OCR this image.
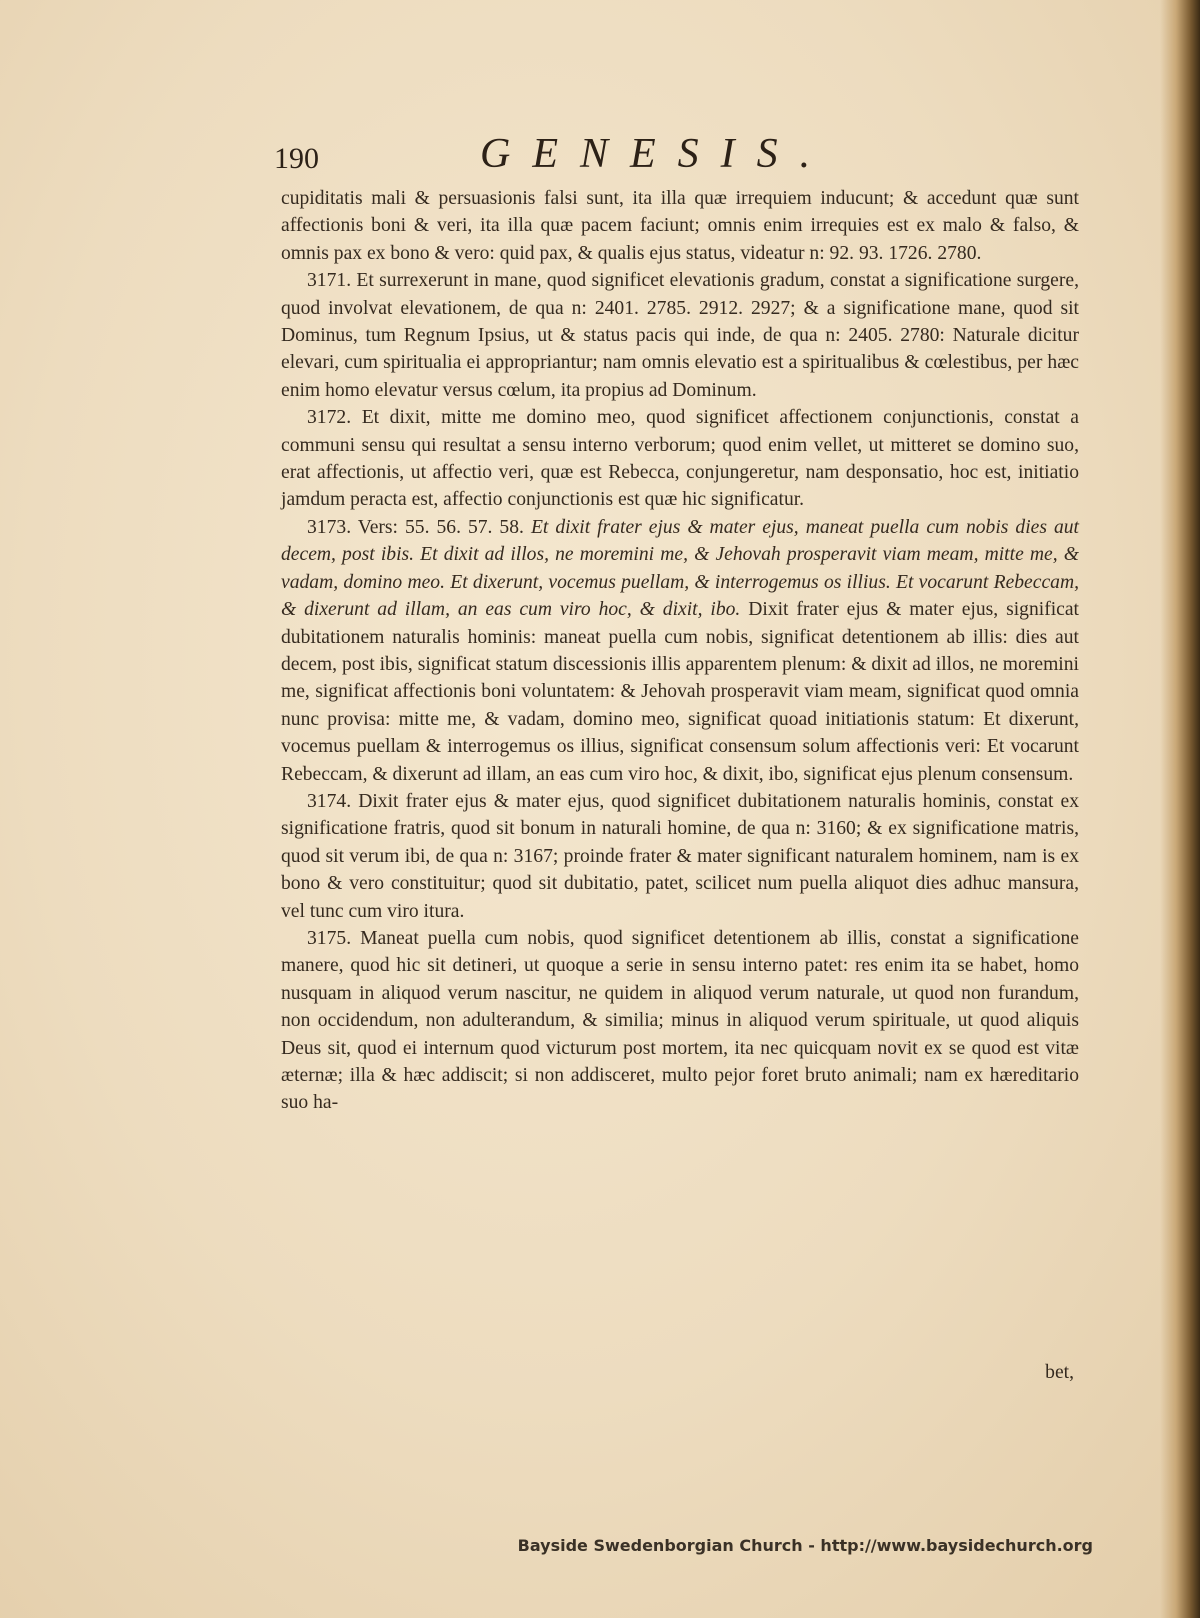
190	GENESIS.

cupiditatis mali & persuasionis falsi sunt, ita illa quæ irrequiem inducunt; & accedunt quæ sunt affectionis boni & veri, ita illa quæ pacem faciunt; omnis enim irrequies est ex malo & falso, & omnis pax ex bono & vero: quid pax, & qualis ejus status, videatur n: 92. 93. 1726. 2780.

3171. Et surrexerunt in mane, quod significet elevationis gradum, constat a significatione surgere, quod involvat elevationem, de qua n: 2401. 2785. 2912. 2927; & a significatione mane, quod sit Dominus, tum Regnum Ipsius, ut & status pacis qui inde, de qua n: 2405. 2780: Naturale dicitur elevari, cum spiritualia ei appropriantur; nam omnis elevatio est a spiritualibus & cœlestibus, per hæc enim homo elevatur versus cœlum, ita propius ad Dominum.

3172. Et dixit, mitte me domino meo, quod significet affectionem conjunctionis, constat a communi sensu qui resultat a sensu interno verborum; quod enim vellet, ut mitteret se domino suo, erat affectionis, ut affectio veri, quæ est Rebecca, conjungeretur, nam desponsatio, hoc est, initiatio jamdum peracta est, affectio conjunctionis est quæ hic significatur.

3173. Vers: 55. 56. 57. 58. Et dixit frater ejus & mater ejus, maneat puella cum nobis dies aut decem, post ibis. Et dixit ad illos, ne moremini me, & Jehovah prosperavit viam meam, mitte me, & vadam, domino meo. Et dixerunt, vocemus puellam, & interrogemus os illius. Et vocarunt Rebeccam, & dixerunt ad illam, an eas cum viro hoc, & dixit, ibo. Dixit frater ejus & mater ejus, significat dubitationem naturalis hominis: maneat puella cum nobis, significat detentionem ab illis: dies aut decem, post ibis, significat statum discessionis illis apparentem plenum: & dixit ad illos, ne moremini me, significat affectionis boni voluntatem: & Jehovah prosperavit viam meam, significat quod omnia nunc provisa: mitte me, & vadam, domino meo, significat quoad initiationis statum: Et dixerunt, vocemus puellam & interrogemus os illius, significat consensum solum affectionis veri: Et vocarunt Rebeccam, & dixerunt ad illam, an eas cum viro hoc, & dixit, ibo, significat ejus plenum consensum.

3174. Dixit frater ejus & mater ejus, quod significet dubitationem naturalis hominis, constat ex significatione fratris, quod sit bonum in naturali homine, de qua n: 3160; & ex significatione matris, quod sit verum ibi, de qua n: 3167; proinde frater & mater significant naturalem hominem, nam is ex bono & vero constituitur; quod sit dubitatio, patet, scilicet num puella aliquot dies adhuc mansura, vel tunc cum viro itura.

3175. Maneat puella cum nobis, quod significet detentionem ab illis, constat a significatione manere, quod hic sit detineri, ut quoque a serie in sensu interno patet: res enim ita se habet, homo nusquam in aliquod verum nascitur, ne quidem in aliquod verum naturale, ut quod non furandum, non occidendum, non adulterandum, & similia; minus in aliquod verum spirituale, ut quod aliquis Deus sit, quod ei internum quod victurum post mortem, ita nec quicquam novit ex se quod est vitæ æternæ; illa & hæc addiscit; si non addisceret, multo pejor foret bruto animali; nam ex hæreditario suo ha-

bet,
Bayside Swedenborgian Church - http://www.baysidechurch.org
